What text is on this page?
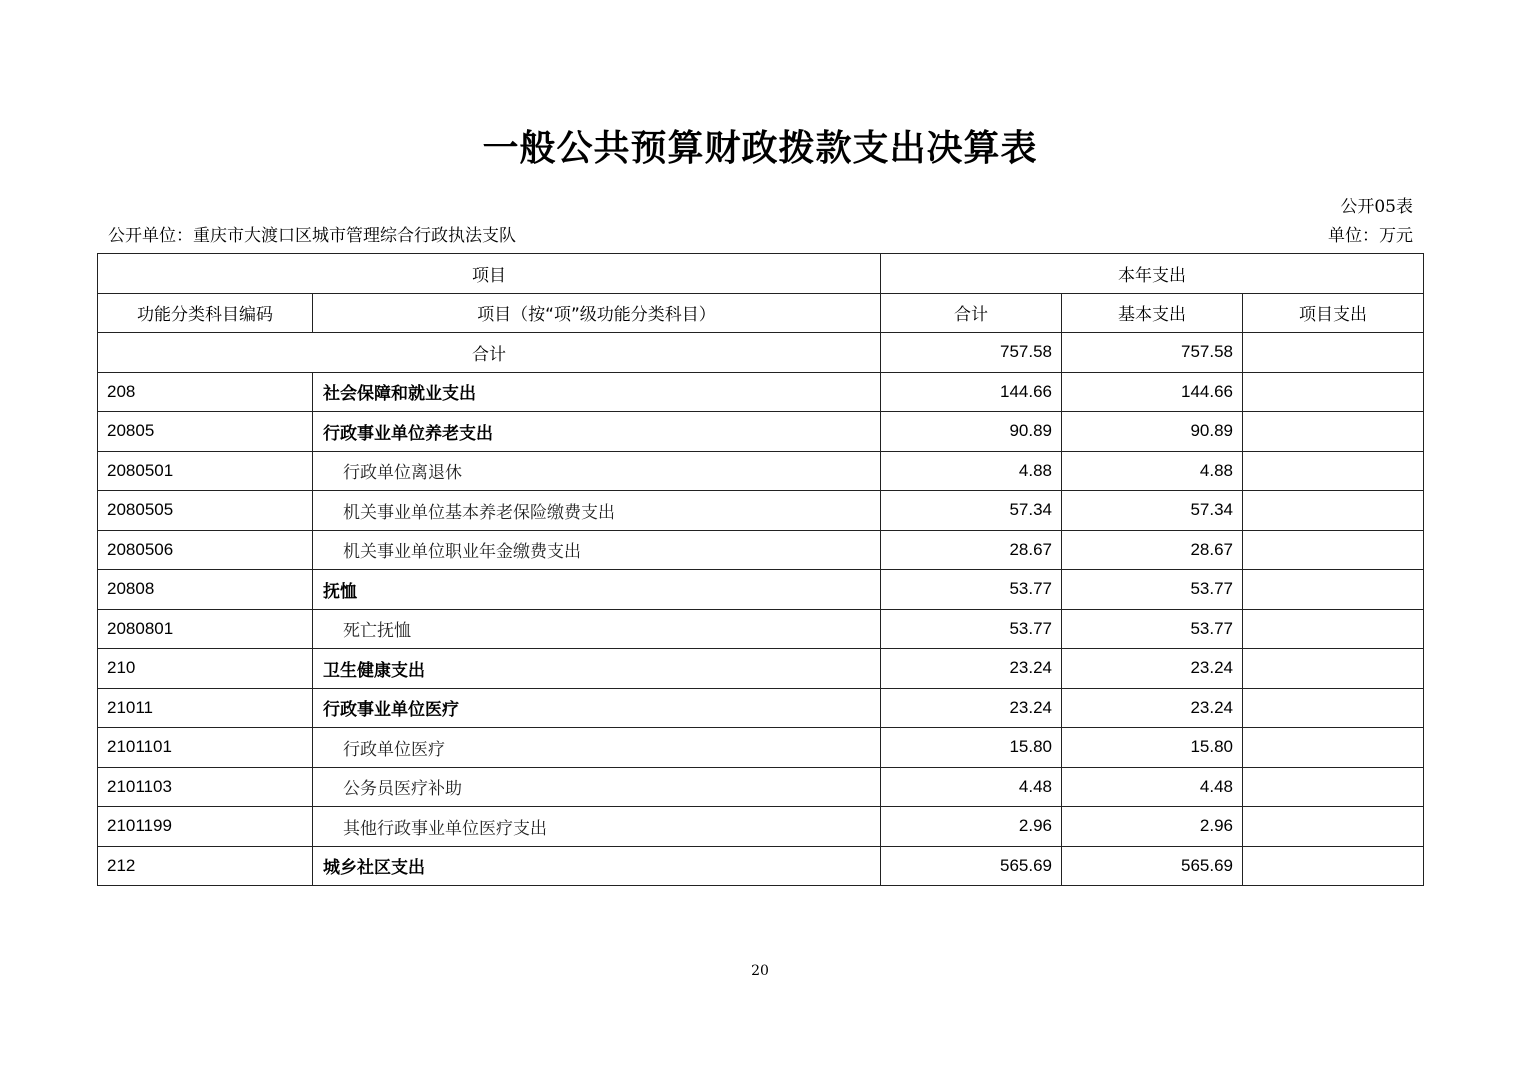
一般公共预算财政拨款支出决算表
公开05表
公开单位：重庆市大渡口区城市管理综合行政执法支队	单位：万元
项目		本年支出		
功能分类科目编码	项目（按“项”级功能分类科目）	合计	基本支出	项目支出
合计		757.58	757.58	
208	社会保障和就业支出	144.66	144.66	
20805	行政事业单位养老支出	90.89	90.89	
2080501	行政单位离退休	4.88	4.88	
2080505	机关事业单位基本养老保险缴费支出	57.34	57.34	
2080506	机关事业单位职业年金缴费支出	28.67	28.67	
20808	抚恤	53.77	53.77	
2080801	死亡抚恤	53.77	53.77	
210	卫生健康支出	23.24	23.24	
21011	行政事业单位医疗	23.24	23.24	
2101101	行政单位医疗	15.80	15.80	
2101103	公务员医疗补助	4.48	4.48	
2101199	其他行政事业单位医疗支出	2.96	2.96	
212	城乡社区支出	565.69	565.69	
20
